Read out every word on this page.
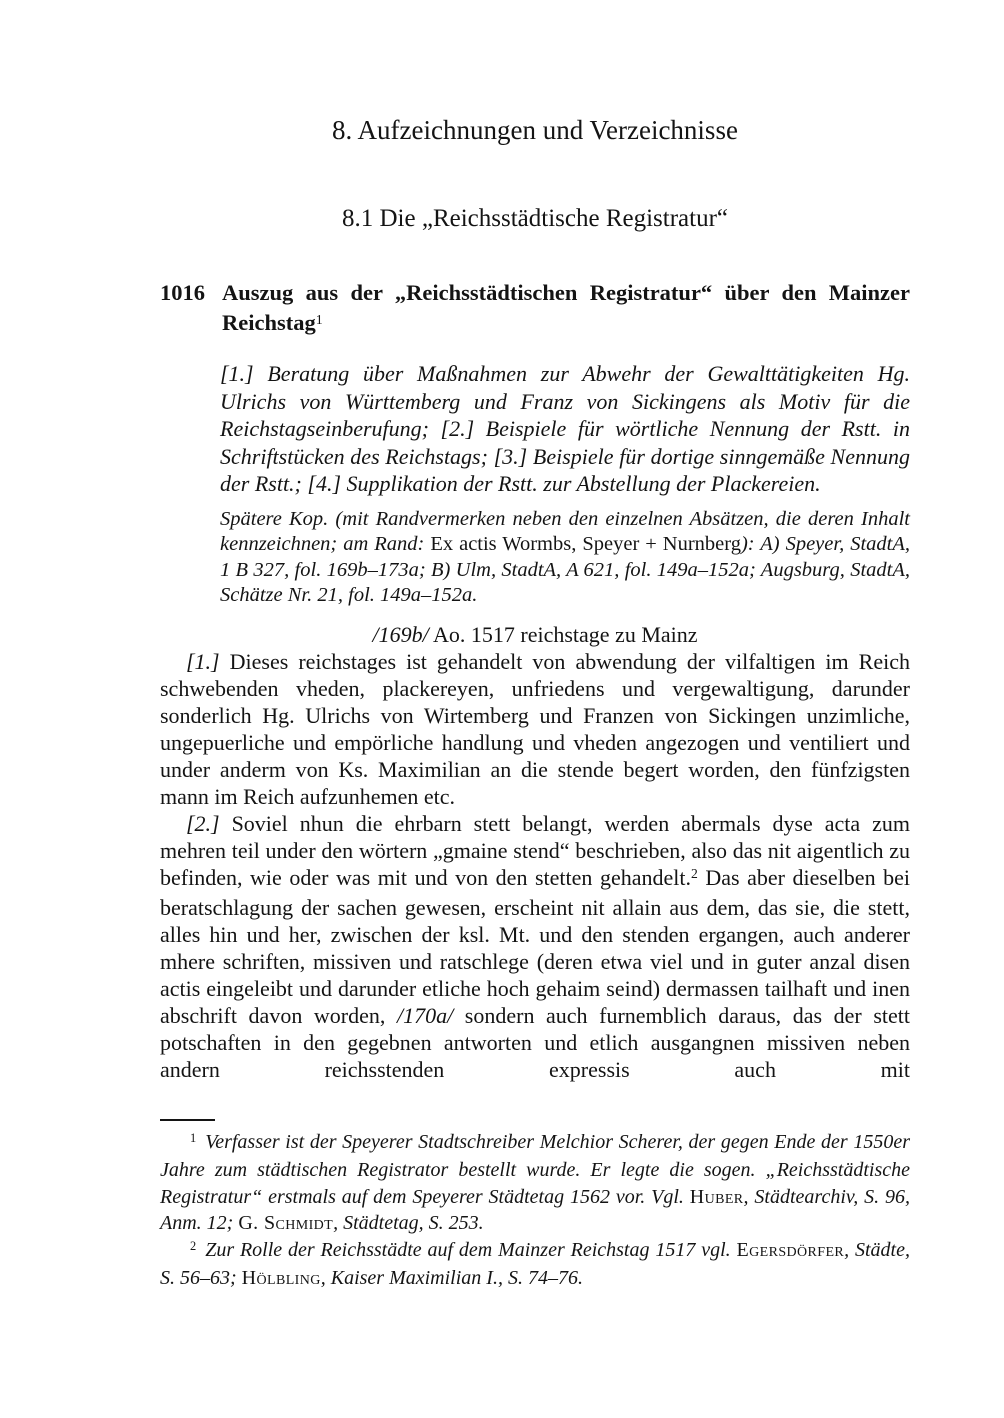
8. Aufzeichnungen und Verzeichnisse
8.1 Die „Reichsstädtische Registratur“
1016 Auszug aus der „Reichsstädtischen Registratur“ über den Mainzer Reichstag$^1$

[1.] Beratung über Maßnahmen zur Abwehr der Gewalttätigkeiten Hg. Ulrichs von Württemberg und Franz von Sickingens als Motiv für die Reichstagseinberufung; [2.] Beispiele für wörtliche Nennung der Rstt. in Schriftstücken des Reichstags; [3.] Beispiele für dortige sinngemäße Nennung der Rstt.; [4.] Supplikation der Rstt. zur Abstellung der Plackereien.

Spätere Kop. (mit Randvermerken neben den einzelnen Absätzen, die deren Inhalt kennzeichnen; am Rand: Ex actis Wormbs, Speyer + Nurnberg): A) Speyer, StadtA, 1 B 327, fol. 169b–173a; B) Ulm, StadtA, A 621, fol. 149a–152a; Augsburg, StadtA, Schätze Nr. 21, fol. 149a–152a.

/169b/ Ao. 1517 reichstage zu Mainz

[1.] Dieses reichstages ist gehandelt von abwendung der vilfaltigen im Reich schwebenden vheden, plackereyen, unfriedens und vergewaltigung, darunder sonderlich Hg. Ulrichs von Wirtemberg und Franzen von Sickingen unzimliche, ungepuerliche und empörliche handlung und vheden angezogen und ventiliert und under anderm von Ks. Maximilian an die stende begert worden, den fünfzigsten mann im Reich aufzunhemen etc.

[2.] Soviel nhun die ehrbarn stett belangt, werden abermals dyse acta zum mehren teil under den wörtern „gmaine stend“ beschrieben, also das nit aigentlich zu befinden, wie oder was mit und von den stetten gehandelt.$^2$ Das aber dieselben bei beratschlagung der sachen gewesen, erscheint nit allain aus dem, das sie, die stett, alles hin und her, zwischen der ksl. Mt. und den stenden ergangen, auch anderer mhere schriften, missiven und ratschlege (deren etwa viel und in guter anzal disen actis eingeleibt und darunder etliche hoch gehaim seind) dermassen tailhaft und inen abschrift davon worden, /170a/ sondern auch furnemblich daraus, das der stett potschaften in den gegebnen antworten und etlich ausgangnen missiven neben andern reichsstenden expressis auch mit

$^1$ Verfasser ist der Speyerer Stadtschreiber Melchior Scherer, der gegen Ende der 1550er Jahre zum städtischen Registrator bestellt wurde. Er legte die sogen. „Reichsstädtische Registratur“ erstmals auf dem Speyerer Städtetag 1562 vor. Vgl. Huber, Städtearchiv, S. 96, Anm. 12; G. Schmidt, Städtetag, S. 253.

$^2$ Zur Rolle der Reichsstädte auf dem Mainzer Reichstag 1517 vgl. Egersdörfer, Städte, S. 56–63; Hölbling, Kaiser Maximilian I., S. 74–76.
